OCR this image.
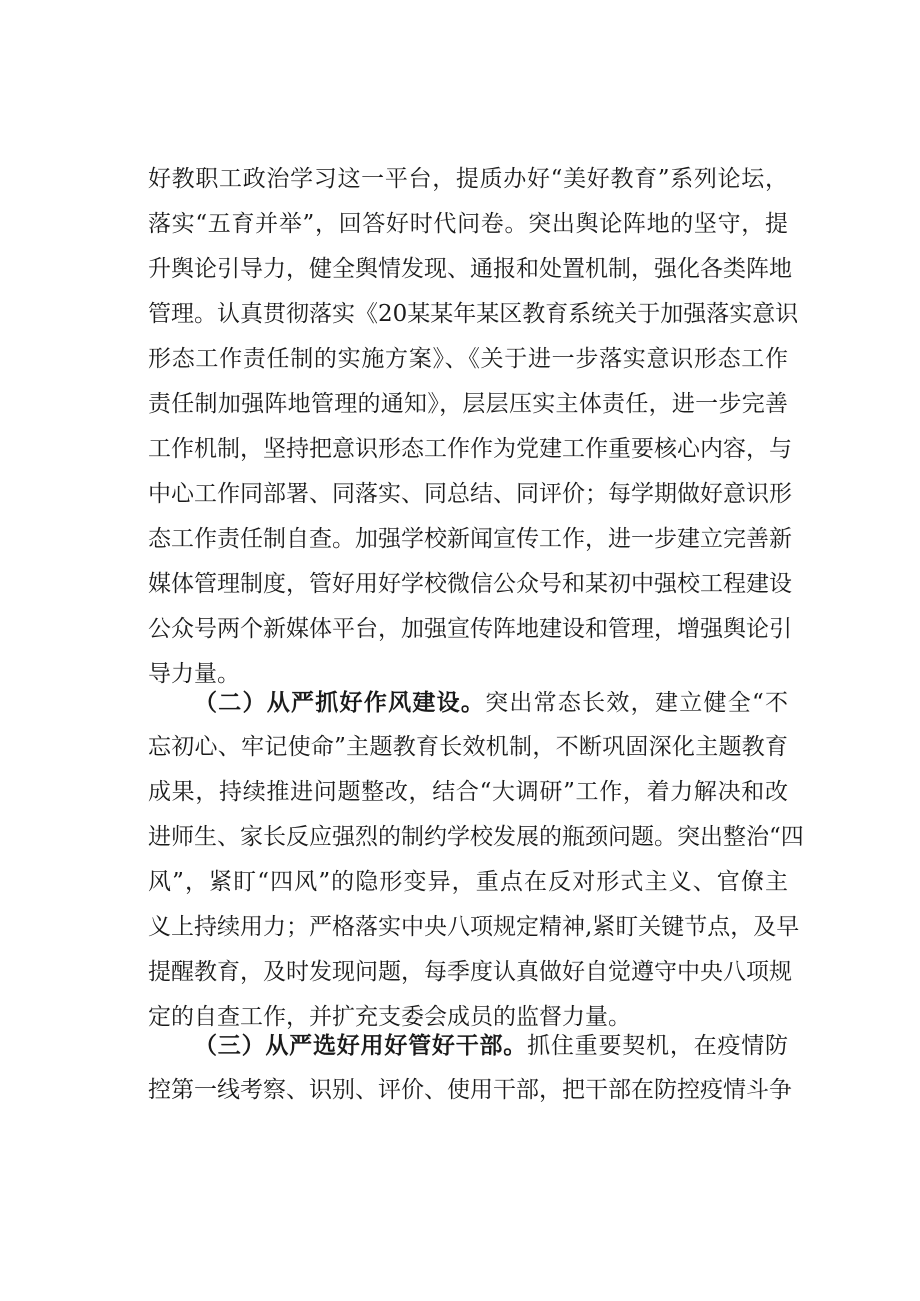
好教职工政治学习这一平台，提质办好“美好教育”系列论坛，
落实“五育并举”，回答好时代问卷。突出舆论阵地的坚守，提
升舆论引导力，健全舆情发现、通报和处置机制，强化各类阵地
管理。认真贯彻落实《20某某年某区教育系统关于加强落实意识
形态工作责任制的实施方案》、《关于进一步落实意识形态工作
责任制加强阵地管理的通知》，层层压实主体责任，进一步完善
工作机制，坚持把意识形态工作作为党建工作重要核心内容，与
中心工作同部署、同落实、同总结、同评价；每学期做好意识形
态工作责任制自查。加强学校新闻宣传工作，进一步建立完善新
媒体管理制度，管好用好学校微信公众号和某初中强校工程建设
公众号两个新媒体平台，加强宣传阵地建设和管理，增强舆论引
导力量。
（二）从严抓好作风建设。突出常态长效，建立健全“不
忘初心、牢记使命”主题教育长效机制，不断巩固深化主题教育
成果，持续推进问题整改，结合“大调研”工作，着力解决和改
进师生、家长反应强烈的制约学校发展的瓶颈问题。突出整治“四
风”，紧盯“四风”的隐形变异，重点在反对形式主义、官僚主
义上持续用力；严格落实中央八项规定精神,紧盯关键节点，及早
提醒教育，及时发现问题，每季度认真做好自觉遵守中央八项规
定的自查工作，并扩充支委会成员的监督力量。
（三）从严选好用好管好干部。抓住重要契机，在疫情防
控第一线考察、识别、评价、使用干部，把干部在防控疫情斗争
